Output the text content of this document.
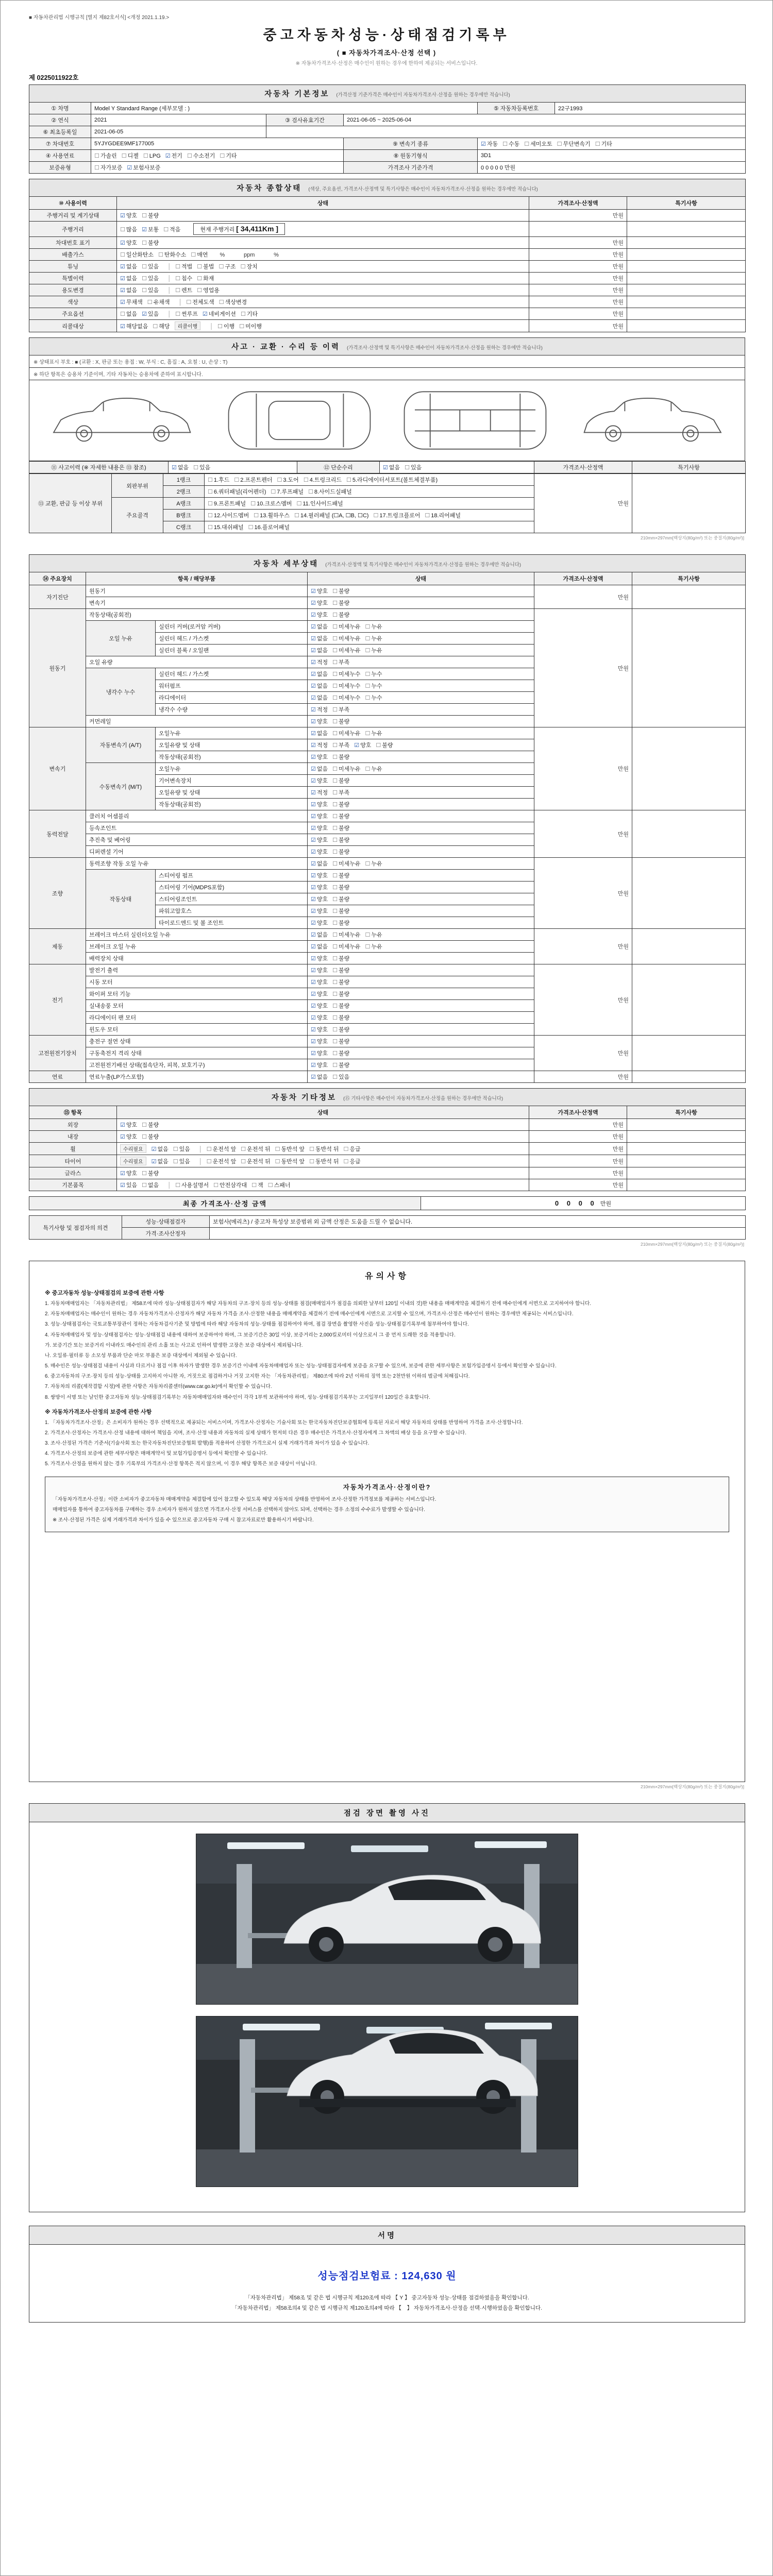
■ 자동차관리법 시행규칙 [별지 제82호서식] <개정 2021.1.19.>
중고자동차성능·상태점검기록부
( ■ 자동차가격조사·산정 선택 )
※ 자동차가격조사·산정은 매수인이 원하는 경우에 한하여 제공되는 서비스입니다.
제 0225011922호
자동차 기본정보 (가격산정 기준가격은 매수인이 자동차가격조사·산정을 원하는 경우에만 적습니다)					
① 차명	Model Y Standard Range (세부모델 : )			⑤ 자동차등록번호	22구1993
② 연식	2021	③ 검사유효기간	2021-06-05 ~ 2025-06-04		
⑥ 최초등록일	2021-06-05				
⑦ 차대번호	5YJYGDEE9MF177005		⑨ 변속기 종류	☑ 자동 ☐ 수동 ☐ 세미오토 ☐ 무단변속기 ☐ 기타	
④ 사용연료	☐ 가솔린 ☐ 디젤 ☐ LPG ☑ 전기 ☐ 수소전기 ☐ 기타		⑧ 원동기형식	3D1	
보증유형	☐ 자가보증 ☑ 보험사보증		가격조사 기준가격	0 0 0 0 0 만원	
자동차 종합상태 (색상, 주요옵션, 가격조사·산정액 및 특기사항은 매수인이 자동차가격조사·산정을 원하는 경우에만 적습니다)			
⑩ 사용이력	상태	가격조사·산정액	특기사항
주행거리 및 계기상태	☑ 양호 ☐ 불량	만원	
주행거리	☐ 많음 ☑ 보통 ☐ 적음 현재 주행거리 [ 34,411Km ]		
차대번호 표기	☑ 양호 ☐ 불량	만원	
배출가스	☐ 일산화탄소 ☐ 탄화수소 ☐ 매연 %            ppm            %	만원	
튜닝	☑ 없음 ☐ 있음 │ ☐ 적법 ☐ 불법 ☐ 구조 ☐ 장치	만원	
특별이력	☑ 없음 ☐ 있음 │ ☐ 침수 ☐ 화재	만원	
용도변경	☑ 없음 ☐ 있음 │ ☐ 렌트 ☐ 영업용	만원	
색상	☑ 무채색 ☐ 유채색 │ ☐ 전체도색 ☐ 색상변경	만원	
주요옵션	☐ 없음 ☑ 있음 │ ☐ 썬루프 ☑ 네비게이션 ☐ 기타	만원	
리콜대상	☑ 해당없음 ☐ 해당 리콜이행 │ ☐ 이행 ☐ 미이행	만원	
사고 · 교환 · 수리 등 이력 (가격조사·산정액 및 특기사항은 매수인이 자동차가격조사·산정을 원하는 경우에만 적습니다)
※ 상태표시 부호 : ■ (교환 : X, 판금 또는 용접 : W, 부식 : C, 흠집 : A, 요철 : U, 손상 : T)
※ 하단 항목은 승용차 기준이며, 기타 자동차는 승용차에 준하여 표시합니다.

⑪ 사고이력 (※ 자세한 내용은 ⑬ 참조)	☑ 없음 ☐ 있음	⑫ 단순수리	☑ 없음 ☐ 있음	가격조사·산정액	특기사항
⑬ 교환, 판금 등 이상 부위	외판부위	1랭크	☐ 1.후드 ☐ 2.프론트펜더 ☐ 3.도어 ☐ 4.트렁크리드 ☐ 5.라디에이터서포트(볼트체결부품)	만원	
		2랭크	☐ 6.쿼터패널(리어펜더) ☐ 7.루프패널 ☐ 8.사이드실패널		
	주요골격	A랭크	☐ 9.프론트패널 ☐ 10.크로스멤버 ☐ 11.인사이드패널		
		B랭크	☐ 12.사이드멤버 ☐ 13.휠하우스 ☐ 14.필러패널 (☐A, ☐B, ☐C) ☐ 17.트렁크플로어 ☐ 18.리어패널		
		C랭크	☐ 15.대쉬패널 ☐ 16.플로어패널		
210mm×297mm[백상지(80g/m²) 또는 중질지(80g/m²)]
자동차 세부상태 (가격조사·산정액 및 특기사항은 매수인이 자동차가격조사·산정을 원하는 경우에만 적습니다)					
⑭ 주요장치	항목 / 해당부품		상태	가격조사·산정액	특기사항
자기진단	원동기		☑ 양호 ☐ 불량	만원	
	변속기		☑ 양호 ☐ 불량		
원동기	작동상태(공회전)		☑ 양호 ☐ 불량	만원	
	오일 누유	실린더 커버(로커암 커버)	☑ 없음 ☐ 미세누유 ☐ 누유		
		실린더 헤드 / 가스켓	☑ 없음 ☐ 미세누유 ☐ 누유		
		실린더 블록 / 오일팬	☑ 없음 ☐ 미세누유 ☐ 누유		
	오일 유량		☑ 적정 ☐ 부족		
	냉각수 누수	실린더 헤드 / 가스켓	☑ 없음 ☐ 미세누수 ☐ 누수		
		워터펌프	☑ 없음 ☐ 미세누수 ☐ 누수		
		라디에이터	☑ 없음 ☐ 미세누수 ☐ 누수		
		냉각수 수량	☑ 적정 ☐ 부족		
	커먼레일		☑ 양호 ☐ 불량		
변속기	자동변속기 (A/T)	오일누유	☑ 없음 ☐ 미세누유 ☐ 누유	만원	
		오일유량 및 상태	☑ 적정 ☐ 부족 ☑ 양호 ☐ 불량		
		작동상태(공회전)	☑ 양호 ☐ 불량		
	수동변속기 (M/T)	오일누유	☑ 없음 ☐ 미세누유 ☐ 누유		
		기어변속장치	☑ 양호 ☐ 불량		
		오일유량 및 상태	☑ 적정 ☐ 부족		
		작동상태(공회전)	☑ 양호 ☐ 불량		
동력전달	클러치 어셈블리		☑ 양호 ☐ 불량	만원	
	등속조인트		☑ 양호 ☐ 불량		
	추진축 및 베어링		☑ 양호 ☐ 불량		
	디퍼렌셜 기어		☑ 양호 ☐ 불량		
조향	동력조향 작동 오일 누유		☑ 없음 ☐ 미세누유 ☐ 누유	만원	
	작동상태	스티어링 펌프	☑ 양호 ☐ 불량		
		스티어링 기어(MDPS포함)	☑ 양호 ☐ 불량		
		스티어링조인트	☑ 양호 ☐ 불량		
		파워고압호스	☑ 양호 ☐ 불량		
		타이로드엔드 및 볼 조인트	☑ 양호 ☐ 불량		
제동	브레이크 마스터 실린더오일 누유		☑ 없음 ☐ 미세누유 ☐ 누유	만원	
	브레이크 오일 누유		☑ 없음 ☐ 미세누유 ☐ 누유		
	배력장치 상태		☑ 양호 ☐ 불량		
전기	발전기 출력		☑ 양호 ☐ 불량	만원	
	시동 모터		☑ 양호 ☐ 불량		
	와이퍼 모터 기능		☑ 양호 ☐ 불량		
	실내송풍 모터		☑ 양호 ☐ 불량		
	라디에이터 팬 모터		☑ 양호 ☐ 불량		
	윈도우 모터		☑ 양호 ☐ 불량		
고전원전기장치	충전구 절연 상태		☑ 양호 ☐ 불량	만원	
	구동축전지 격리 상태		☑ 양호 ☐ 불량		
	고전원전기배선 상태(접속단자, 피복, 보호기구)		☑ 양호 ☐ 불량		
연료	연료누출(LP가스포함)		☑ 없음 ☐ 있음	만원	
자동차 기타정보 (⑮ 기타사항은 매수인이 자동차가격조사·산정을 원하는 경우에만 적습니다)			
⑮ 항목	상태	가격조사·산정액	특기사항
외장	☑ 양호 ☐ 불량	만원	
내장	☑ 양호 ☐ 불량	만원	
휠	수리필요 ☑ 없음 ☐ 있음 │ ☐ 운전석 앞 ☐ 운전석 뒤 ☐ 동반석 앞 ☐ 동반석 뒤 ☐ 응급	만원	
타이어	수리필요 ☑ 없음 ☐ 있음 │ ☐ 운전석 앞 ☐ 운전석 뒤 ☐ 동반석 앞 ☐ 동반석 뒤 ☐ 응급	만원	
글라스	☑ 양호 ☐ 불량	만원	
기본품목	☑ 있음 ☐ 없음 │ ☐ 사용설명서 ☐ 안전삼각대 ☐ 잭 ☐ 스패너	만원	
최종 가격조사·산정 금액	0 0 0 0 만원
특기사항 및 점검자의 의견	성능·상태점검자	보험사(메리츠) / 중고차 특성상 보증범위 외 금액 산정은 도움을 드릴 수 없습니다.
	가격·조사산정자	
210mm×297mm[백상지(80g/m²) 또는 중질지(80g/m²)]
유의사항
※ 중고자동차 성능·상태점검의 보증에 관한 사항

1. 자동차매매업자는 「자동차관리법」 제58조에 따라 성능·상태점검자가 해당 자동차의 구조·장치 등의 성능·상태를 점검(매매업자가 점검을 의뢰한 날부터 120일 이내의 것)한 내용을 매매계약을 체결하기 전에 매수인에게 서면으로 고지하여야 합니다.

2. 자동차매매업자는 매수인이 원하는 경우 자동차가격조사·산정자가 해당 자동차 가격을 조사·산정한 내용을 매매계약을 체결하기 전에 매수인에게 서면으로 고지할 수 있으며, 가격조사·산정은 매수인이 원하는 경우에만 제공되는 서비스입니다.

3. 성능·상태점검자는 국토교통부장관이 정하는 자동차검사기준 및 방법에 따라 해당 자동차의 성능·상태를 점검하여야 하며, 점검 장면을 촬영한 사진을 성능·상태점검기록부에 첨부하여야 합니다.

4. 자동차매매업자 및 성능·상태점검자는 성능·상태점검 내용에 대하여 보증하여야 하며, 그 보증기간은 30일 이상, 보증거리는 2,000킬로미터 이상으로서 그 중 먼저 도래한 것을 적용합니다.

가. 보증기간 또는 보증거리 이내라도 매수인의 관리 소홀 또는 사고로 인하여 발생한 고장은 보증 대상에서 제외됩니다.

나. 오일류·필터류 등 소모성 부품과 단순 마모 부품은 보증 대상에서 제외될 수 있습니다.

5. 매수인은 성능·상태점검 내용이 사실과 다르거나 점검 이후 하자가 발생한 경우 보증기간 이내에 자동차매매업자 또는 성능·상태점검자에게 보증을 요구할 수 있으며, 보증에 관한 세부사항은 보험가입증명서 등에서 확인할 수 있습니다.

6. 중고자동차의 구조·장치 등의 성능·상태를 고지하지 아니한 자, 거짓으로 점검하거나 거짓 고지한 자는 「자동차관리법」 제80조에 따라 2년 이하의 징역 또는 2천만원 이하의 벌금에 처해집니다.

7. 자동차의 리콜(제작결함 시정)에 관한 사항은 자동차리콜센터(www.car.go.kr)에서 확인할 수 있습니다.

8. 쌍방이 서명 또는 날인한 중고자동차 성능·상태점검기록부는 자동차매매업자와 매수인이 각각 1부씩 보관하여야 하며, 성능·상태점검기록부는 고지일부터 120일간 유효합니다.

※ 자동차가격조사·산정의 보증에 관한 사항

1. 「자동차가격조사·산정」은 소비자가 원하는 경우 선택적으로 제공되는 서비스이며, 가격조사·산정자는 기술사회 또는 한국자동차진단보증협회에 등록된 자로서 해당 자동차의 상태를 반영하여 가격을 조사·산정합니다.

2. 가격조사·산정자는 가격조사·산정 내용에 대하여 책임을 지며, 조사·산정 내용과 자동차의 실제 상태가 현저히 다른 경우 매수인은 가격조사·산정자에게 그 차액의 배상 등을 요구할 수 있습니다.

3. 조사·산정된 가격은 기준서(기술사회 또는 한국자동차진단보증협회 발행)를 적용하여 산정한 가격으로서 실제 거래가격과 차이가 있을 수 있습니다.

4. 가격조사·산정의 보증에 관한 세부사항은 매매계약서 및 보험가입증명서 등에서 확인할 수 있습니다.

5. 가격조사·산정을 원하지 않는 경우 기록부의 가격조사·산정 항목은 적지 않으며, 이 경우 해당 항목은 보증 대상이 아닙니다.

자동차가격조사·산정이란?

「자동차가격조사·산정」이란 소비자가 중고자동차 매매계약을 체결함에 있어 참고할 수 있도록 해당 자동차의 상태를 반영하여 조사·산정한 가격정보를 제공하는 서비스입니다.

매매업자를 통하여 중고자동차를 구매하는 경우 소비자가 원하지 않으면 가격조사·산정 서비스를 선택하지 않아도 되며, 선택하는 경우 소정의 수수료가 발생할 수 있습니다.

※ 조사·산정된 가격은 실제 거래가격과 차이가 있을 수 있으므로 중고자동차 구매 시 참고자료로만 활용하시기 바랍니다.

210mm×297mm[백상지(80g/m²) 또는 중질지(80g/m²)]
점검 장면 촬영 사진
서명
성능점검보험료 : 124,630 원
「자동차관리법」 제58조 및 같은 법 시행규칙 제120조에 따라 【 Y 】 중고자동차 성능·상태를 점검하였음을 확인합니다.
「자동차관리법」 제58조의4 및 같은 법 시행규칙 제120조의4에 따라 【　】 자동차가격조사·산정을 선택·시행하였음을 확인합니다.
